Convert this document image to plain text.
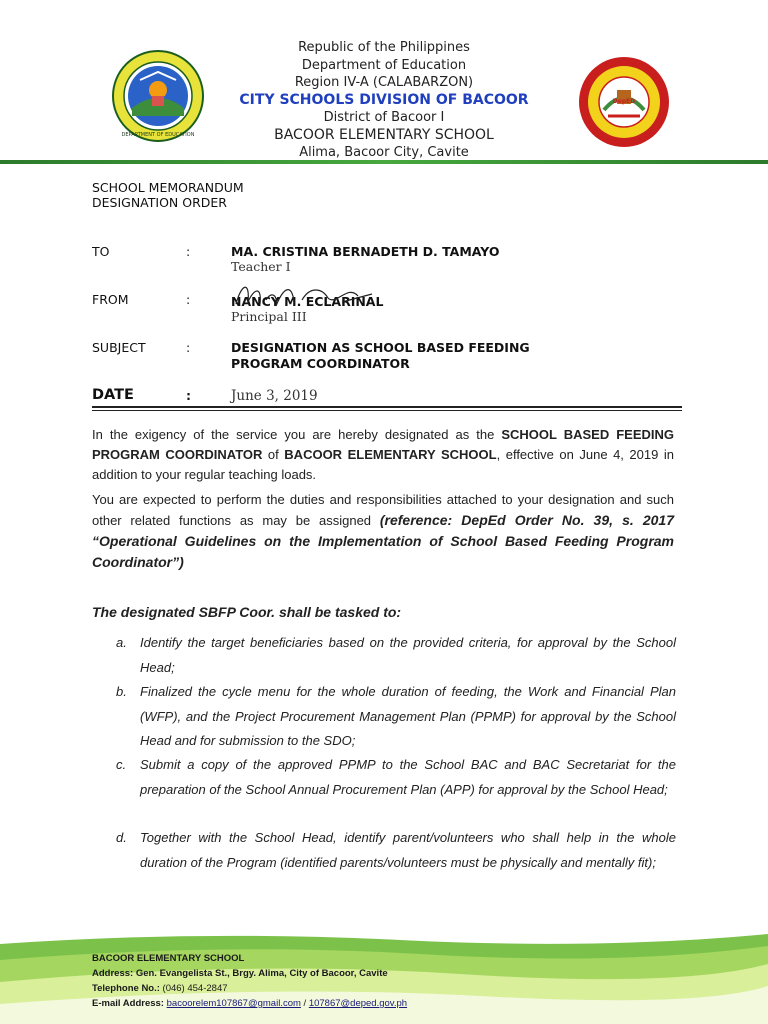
DEPARTMENT OF EDUCATION
DepED
Republic of the Philippines
Department of Education
Region IV-A (CALABARZON)
CITY SCHOOLS DIVISION OF BACOOR
District of Bacoor I
BACOOR ELEMENTARY SCHOOL
Alima, Bacoor City, Cavite
SCHOOL MEMORANDUM
DESIGNATION ORDER
TO	:	MA. CRISTINA BERNADETH D. TAMAYO
Teacher I
FROM	:	NANCY M. ECLARINAL
Principal III
SUBJECT	:	DESIGNATION AS SCHOOL BASED FEEDING
PROGRAM COORDINATOR
DATE	:	June 3, 2019
In the exigency of the service you are hereby designated as the SCHOOL BASED FEEDING PROGRAM COORDINATOR of BACOOR ELEMENTARY SCHOOL, effective on June 4, 2019 in addition to your regular teaching loads.
You are expected to perform the duties and responsibilities attached to your designation and such other related functions as may be assigned (reference: DepEd Order No. 39, s. 2017 “Operational Guidelines on the Implementation of School Based Feeding Program Coordinator”)
The designated SBFP Coor. shall be tasked to:
a. Identify the target beneficiaries based on the provided criteria, for approval by the School Head;
b. Finalized the cycle menu for the whole duration of feeding, the Work and Financial Plan (WFP), and the Project Procurement Management Plan (PPMP) for approval by the School Head and for submission to the SDO;
c. Submit a copy of the approved PPMP to the School BAC and BAC Secretariat for the preparation of the School Annual Procurement Plan (APP) for approval by the School Head;
d. Together with the School Head, identify parent/volunteers who shall help in the whole duration of the Program (identified parents/volunteers must be physically and mentally fit);
BACOOR ELEMENTARY SCHOOL
Address: Gen. Evangelista St., Brgy. Alima, City of Bacoor, Cavite
Telephone No.: (046) 454-2847
E-mail Address: bacoorelem107867@gmail.com / 107867@deped.gov.ph
